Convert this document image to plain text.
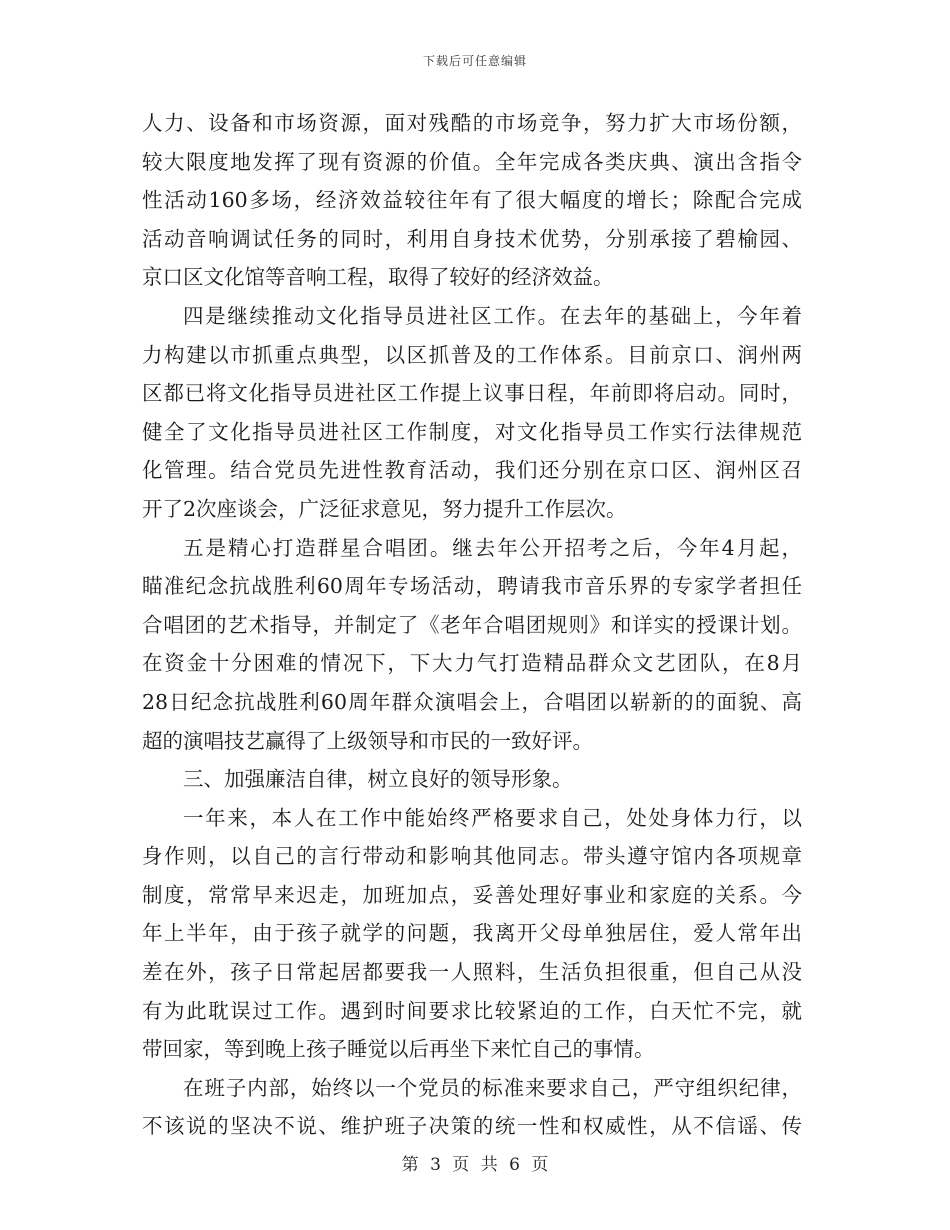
下载后可任意编辑
人力、设备和市场资源，面对残酷的市场竞争，努力扩大市场份额，
较大限度地发挥了现有资源的价值。全年完成各类庆典、演出含指令
性活动160多场，经济效益较往年有了很大幅度的增长；除配合完成
活动音响调试任务的同时，利用自身技术优势，分别承接了碧榆园、
京口区文化馆等音响工程，取得了较好的经济效益。
四是继续推动文化指导员进社区工作。在去年的基础上，今年着
力构建以市抓重点典型，以区抓普及的工作体系。目前京口、润州两
区都已将文化指导员进社区工作提上议事日程，年前即将启动。同时，
健全了文化指导员进社区工作制度，对文化指导员工作实行法律规范
化管理。结合党员先进性教育活动，我们还分别在京口区、润州区召
开了2次座谈会，广泛征求意见，努力提升工作层次。
五是精心打造群星合唱团。继去年公开招考之后，今年4月起，
瞄准纪念抗战胜利60周年专场活动，聘请我市音乐界的专家学者担任
合唱团的艺术指导，并制定了《老年合唱团规则》和详实的授课计划。
在资金十分困难的情况下，下大力气打造精品群众文艺团队，在8月
28日纪念抗战胜利60周年群众演唱会上，合唱团以崭新的的面貌、高
超的演唱技艺赢得了上级领导和市民的一致好评。
三、加强廉洁自律，树立良好的领导形象。
一年来，本人在工作中能始终严格要求自己，处处身体力行，以
身作则，以自己的言行带动和影响其他同志。带头遵守馆内各项规章
制度，常常早来迟走，加班加点，妥善处理好事业和家庭的关系。今
年上半年，由于孩子就学的问题，我离开父母单独居住，爱人常年出
差在外，孩子日常起居都要我一人照料，生活负担很重，但自己从没
有为此耽误过工作。遇到时间要求比较紧迫的工作，白天忙不完，就
带回家，等到晚上孩子睡觉以后再坐下来忙自己的事情。
在班子内部，始终以一个党员的标准来要求自己，严守组织纪律，
不该说的坚决不说、维护班子决策的统一性和权威性，从不信谣、传
第 3 页 共 6 页
